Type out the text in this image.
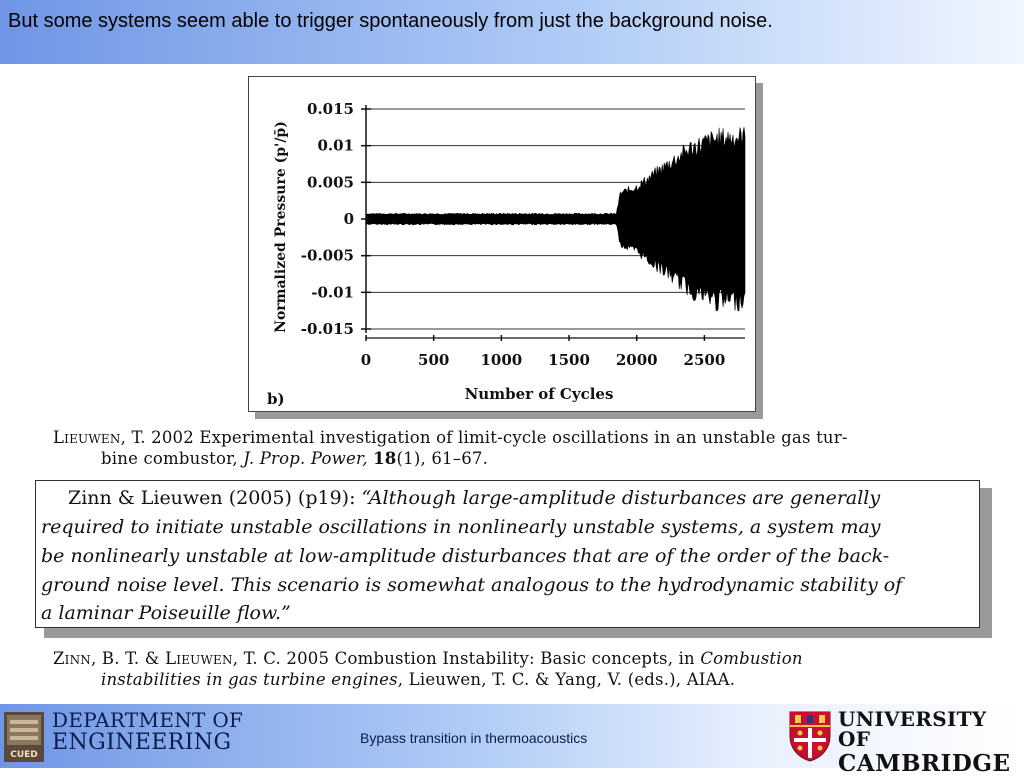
But some systems seem able to trigger spontaneously from just the background noise.
0.015
0.01
0.005
0
-0.005
-0.01
-0.015
0	500 1000 1500 2000 2500
Normalized Pressure (p'/p̄)
Number of Cycles
b)
Lieuwen, T. 2002 Experimental investigation of limit-cycle oscillations in an unstable gas tur-
bine combustor, J. Prop. Power, 18(1), 61–67.
Zinn & Lieuwen (2005) (p19): “Although large-amplitude disturbances are generally
required to initiate unstable oscillations in nonlinearly unstable systems, a system may
be nonlinearly unstable at low-amplitude disturbances that are of the order of the back-
ground noise level. This scenario is somewhat analogous to the hydrodynamic stability of
a laminar Poiseuille flow.”
Zinn, B. T. & Lieuwen, T. C. 2005 Combustion Instability: Basic concepts, in Combustion
instabilities in gas turbine engines, Lieuwen, T. C. & Yang, V. (eds.), AIAA.
CUED
DEPARTMENT OF
ENGINEERING	Bypass transition in thermoacoustics
UNIVERSITY OF
CAMBRIDGE
